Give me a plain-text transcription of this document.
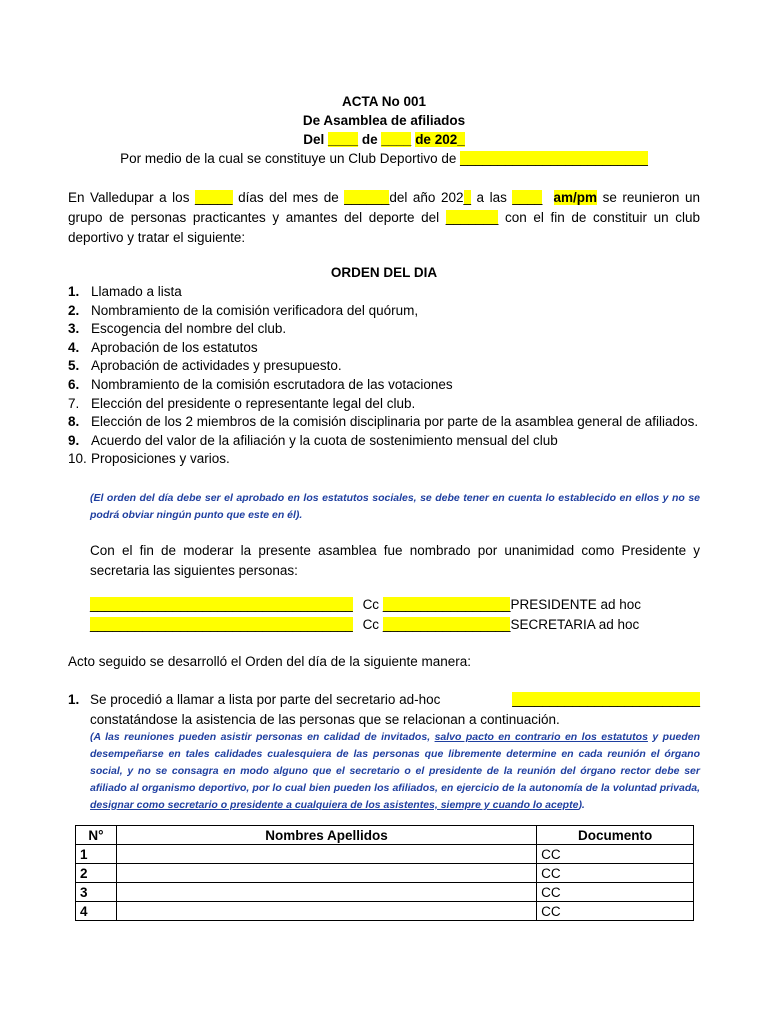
ACTA No 001
De Asamblea de afiliados
Del ____ de ____ de 202_
Por medio de la cual se constituye un Club Deportivo de _________________________
En Valledupar a los _____ días del mes de ______del año 202_ a las ____ am/pm se reunieron un grupo de personas practicantes y amantes del deporte del _______ con el fin de constituir un club deportivo y tratar el siguiente:
ORDEN DEL DIA
1. Llamado a lista
2. Nombramiento de la comisión verificadora del quórum,
3. Escogencia del nombre del club.
4. Aprobación de los estatutos
5. Aprobación de actividades y presupuesto.
6. Nombramiento de la comisión escrutadora de las votaciones
7. Elección del presidente o representante legal del club.
8. Elección de los 2 miembros de la comisión disciplinaria por parte de la asamblea general de afiliados.
9. Acuerdo del valor de la afiliación y la cuota de sostenimiento mensual del club
10. Proposiciones y varios.
(El orden del día debe ser el aprobado en los estatutos sociales, se debe tener en cuenta lo establecido en ellos y no se podrá obviar ningún punto que este en él).
Con el fin de moderar la presente asamblea fue nombrado por unanimidad como Presidente y secretaria las siguientes personas:
___________________________________ Cc _________________PRESIDENTE ad hoc
___________________________________ Cc _________________SECRETARIA ad hoc
Acto seguido se desarrolló el Orden del día de la siguiente manera:
1. Se procedió a llamar a lista por parte del secretario ad-hoc	_________________________
constatándose la asistencia de las personas que se relacionan a continuación.
(A las reuniones pueden asistir personas en calidad de invitados, salvo pacto en contrario en los estatutos y pueden desempeñarse en tales calidades cualesquiera de las personas que libremente determine en cada reunión el órgano social, y no se consagra en modo alguno que el secretario o el presidente de la reunión del órgano rector debe ser afiliado al organismo deportivo, por lo cual bien pueden los afiliados, en ejercicio de la autonomía de la voluntad privada, designar como secretario o presidente a cualquiera de los asistentes, siempre y cuando lo acepte).
N°	Nombres Apellidos	Documento
1		CC
2		CC
3		CC
4		CC
